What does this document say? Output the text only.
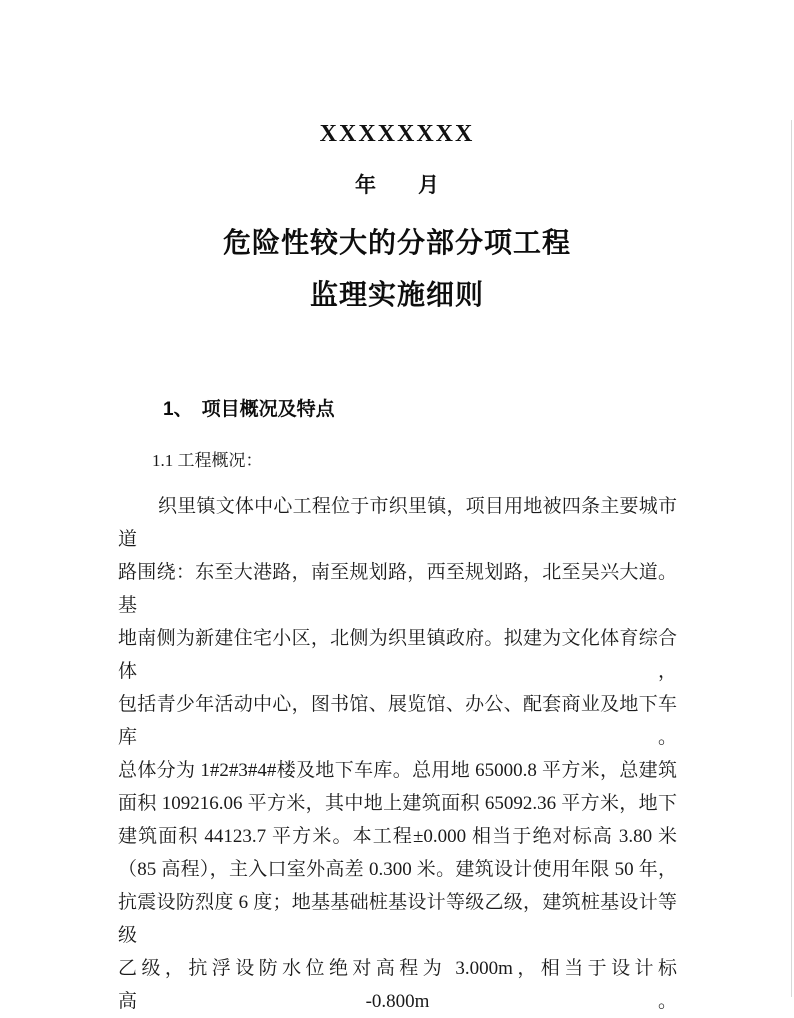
XXXXXXXX
年　　月
危险性较大的分部分项工程
监理实施细则
1、 项目概况及特点
1.1 工程概况：
织里镇文体中心工程位于市织里镇，项目用地被四条主要城市道
路围绕：东至大港路，南至规划路，西至规划路，北至吴兴大道。基
地南侧为新建住宅小区，北侧为织里镇政府。拟建为文化体育综合体，
包括青少年活动中心，图书馆、展览馆、办公、配套商业及地下车库。
总体分为 1#2#3#4#楼及地下车库。总用地 65000.8 平方米，总建筑
面积 109216.06 平方米，其中地上建筑面积 65092.36 平方米，地下
建筑面积 44123.7 平方米。本工程±0.000 相当于绝对标高 3.80 米
（85 高程），主入口室外高差 0.300 米。建筑设计使用年限 50 年，
抗震设防烈度 6 度；地基基础桩基设计等级乙级，建筑桩基设计等级
乙级，抗浮设防水位绝对高程为 3.000m，相当于设计标高-0.800m。
